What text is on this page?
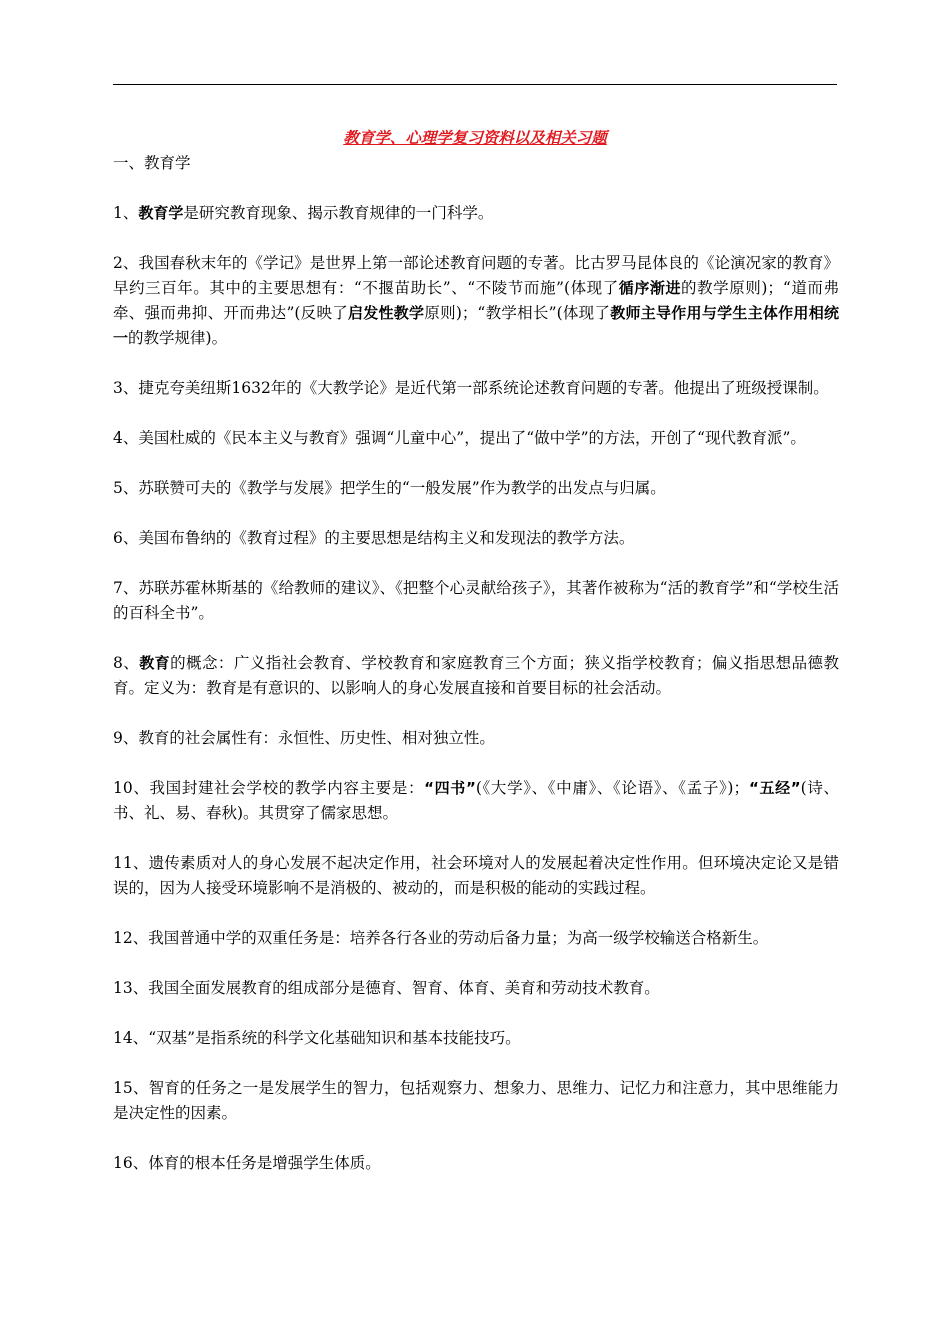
教育学、心理学复习资料以及相关习题
一、教育学

1、教育学是研究教育现象、揭示教育规律的一门科学。

2、我国春秋末年的《学记》是世界上第一部论述教育问题的专著。比古罗马昆体良的《论演况家的教育》早约三百年。其中的主要思想有：“不揠苗助长”、“不陵节而施”(体现了循序渐进的教学原则)；“道而弗牵、强而弗抑、开而弗达”(反映了启发性教学原则)；“教学相长”(体现了教师主导作用与学生主体作用相统一的教学规律)。

3、捷克夸美纽斯1632年的《大教学论》是近代第一部系统论述教育问题的专著。他提出了班级授课制。

4、美国杜威的《民本主义与教育》强调“儿童中心”，提出了“做中学”的方法，开创了“现代教育派”。

5、苏联赞可夫的《教学与发展》把学生的“一般发展”作为教学的出发点与归属。

6、美国布鲁纳的《教育过程》的主要思想是结构主义和发现法的教学方法。

7、苏联苏霍林斯基的《给教师的建议》、《把整个心灵献给孩子》，其著作被称为“活的教育学”和“学校生活的百科全书”。

8、教育的概念：广义指社会教育、学校教育和家庭教育三个方面；狭义指学校教育；偏义指思想品德教育。定义为：教育是有意识的、以影响人的身心发展直接和首要目标的社会活动。

9、教育的社会属性有：永恒性、历史性、相对独立性。

10、我国封建社会学校的教学内容主要是：“四书”(《大学》、《中庸》、《论语》、《孟子》)；“五经”(诗、书、礼、易、春秋)。其贯穿了儒家思想。

11、遗传素质对人的身心发展不起决定作用，社会环境对人的发展起着决定性作用。但环境决定论又是错误的，因为人接受环境影响不是消极的、被动的，而是积极的能动的实践过程。

12、我国普通中学的双重任务是：培养各行各业的劳动后备力量；为高一级学校输送合格新生。

13、我国全面发展教育的组成部分是德育、智育、体育、美育和劳动技术教育。

14、“双基”是指系统的科学文化基础知识和基本技能技巧。

15、智育的任务之一是发展学生的智力，包括观察力、想象力、思维力、记忆力和注意力，其中思维能力是决定性的因素。

16、体育的根本任务是增强学生体质。
